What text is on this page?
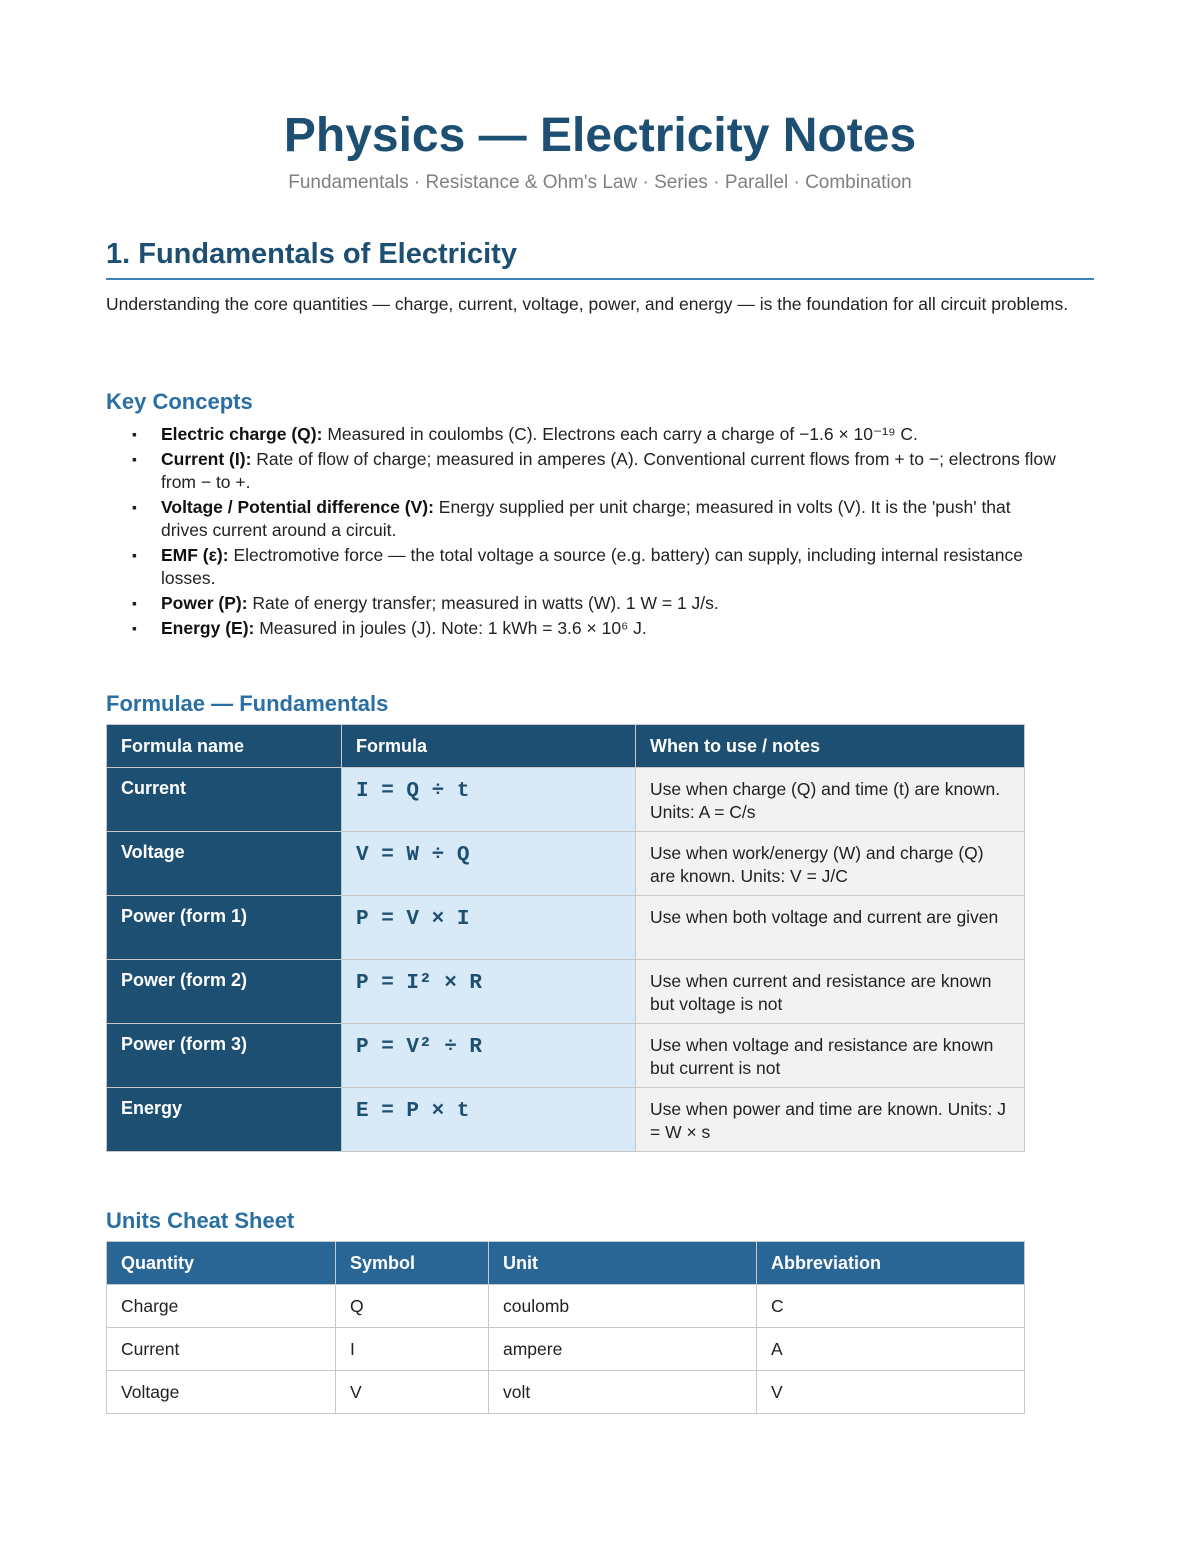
Physics — Electricity Notes
Fundamentals · Resistance & Ohm's Law · Series · Parallel · Combination
1. Fundamentals of Electricity
Understanding the core quantities — charge, current, voltage, power, and energy — is the foundation for all circuit problems.
Key Concepts
▪ Electric charge (Q): Measured in coulombs (C). Electrons each carry a charge of −1.6 × 10⁻¹⁹ C.
▪ Current (I): Rate of flow of charge; measured in amperes (A). Conventional current flows from + to −; electrons flow from − to +.
▪ Voltage / Potential difference (V): Energy supplied per unit charge; measured in volts (V). It is the 'push' that drives current around a circuit.
▪ EMF (ε): Electromotive force — the total voltage a source (e.g. battery) can supply, including internal resistance losses.
▪ Power (P): Rate of energy transfer; measured in watts (W). 1 W = 1 J/s.
▪ Energy (E): Measured in joules (J). Note: 1 kWh = 3.6 × 10⁶ J.
Formulae — Fundamentals
Formula name	Formula	When to use / notes
Current	I = Q ÷ t	Use when charge (Q) and time (t) are known. Units: A = C/s
Voltage	V = W ÷ Q	Use when work/energy (W) and charge (Q) are known. Units: V = J/C
Power (form 1)	P = V × I	Use when both voltage and current are given
Power (form 2)	P = I² × R	Use when current and resistance are known but voltage is not
Power (form 3)	P = V² ÷ R	Use when voltage and resistance are known but current is not
Energy	E = P × t	Use when power and time are known. Units: J = W × s
Units Cheat Sheet
Quantity	Symbol	Unit	Abbreviation
Charge	Q	coulomb	C
Current	I	ampere	A
Voltage	V	volt	V
